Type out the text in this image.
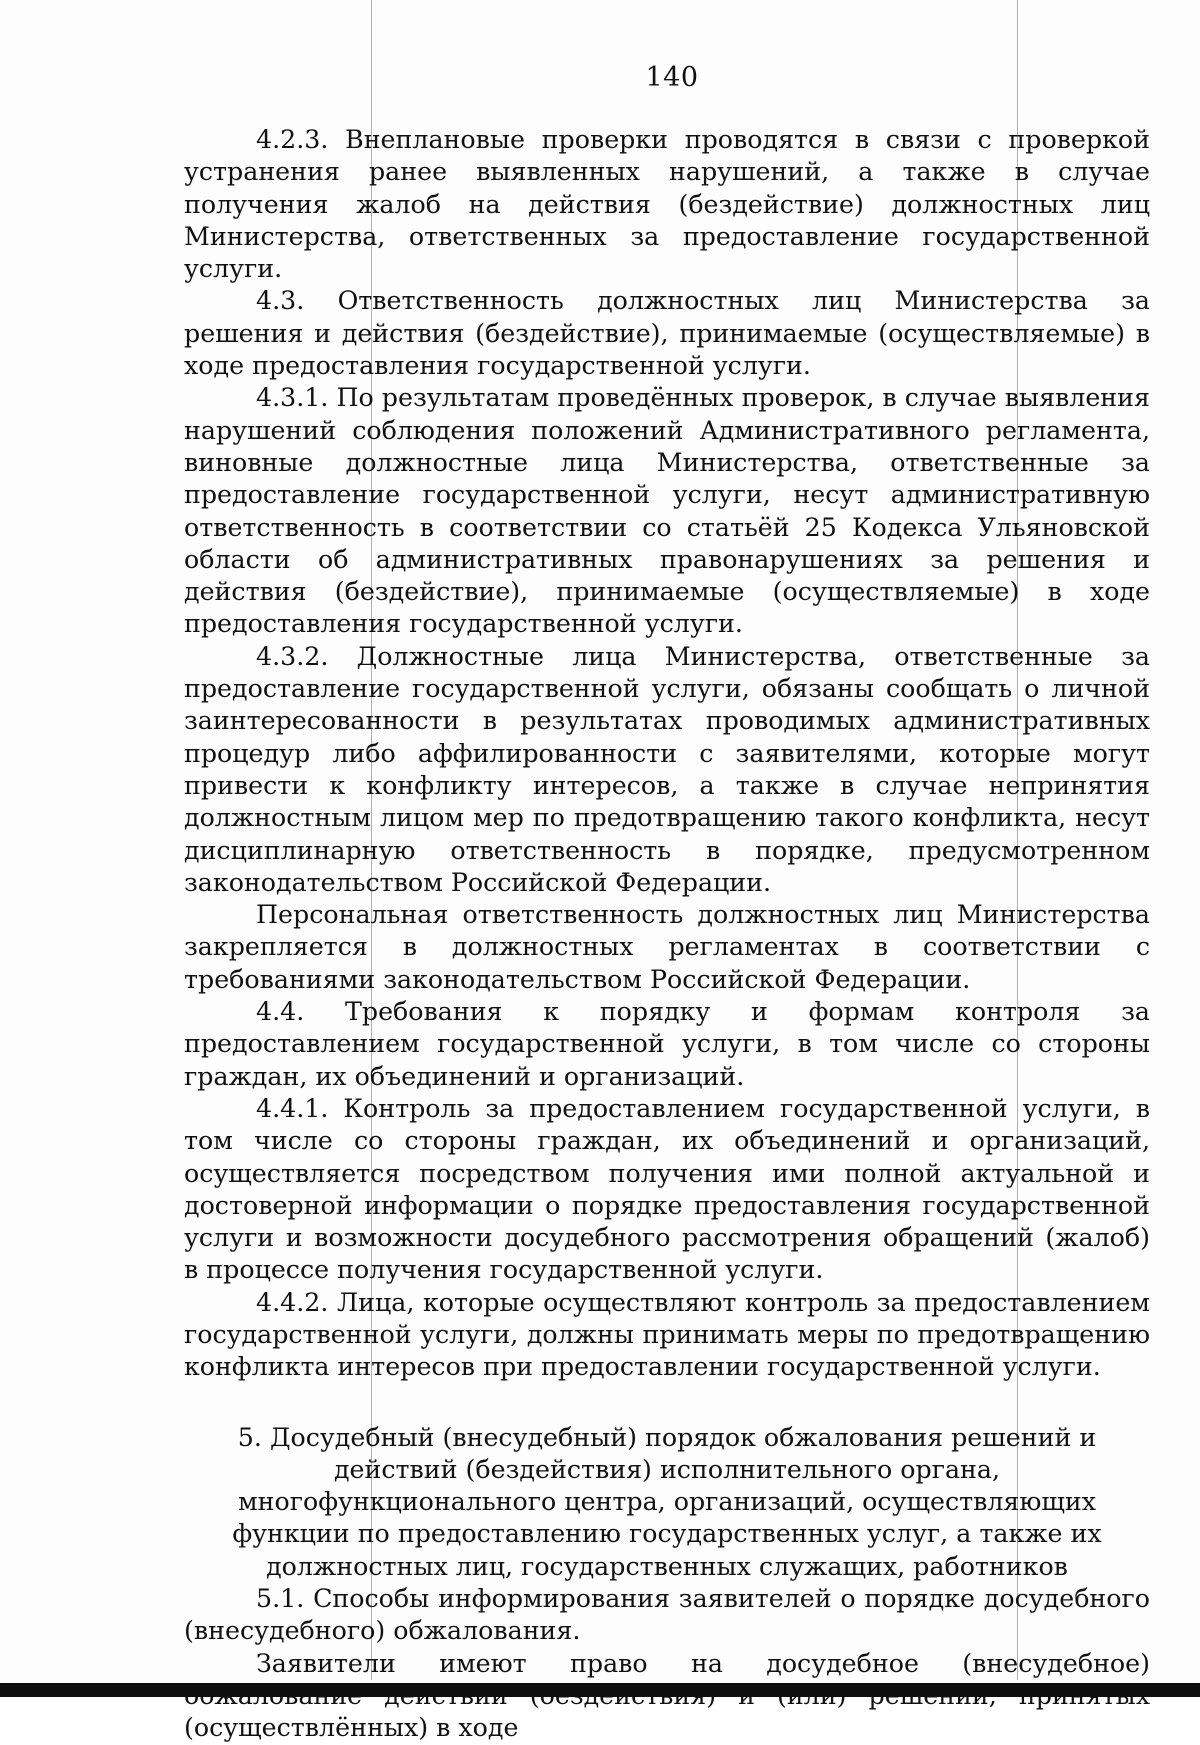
140

4.2.3. Внеплановые проверки проводятся в связи с проверкой устранения ранее выявленных нарушений, а также в случае получения жалоб на действия (бездействие) должностных лиц Министерства, ответственных за предоставление государственной услуги.

4.3. Ответственность должностных лиц Министерства за решения и действия (бездействие), принимаемые (осуществляемые) в ходе предоставления государственной услуги.

4.3.1. По результатам проведённых проверок, в случае выявления нарушений соблюдения положений Административного регламента, виновные должностные лица Министерства, ответственные за предоставление государственной услуги, несут административную ответственность в соответствии со статьёй 25 Кодекса Ульяновской области об административных правонарушениях за решения и действия (бездействие), принимаемые (осуществляемые) в ходе предоставления государственной услуги.

4.3.2. Должностные лица Министерства, ответственные за предоставление государственной услуги, обязаны сообщать о личной заинтересованности в результатах проводимых административных процедур либо аффилированности с заявителями, которые могут привести к конфликту интересов, а также в случае непринятия должностным лицом мер по предотвращению такого конфликта, несут дисциплинарную ответственность в порядке, предусмотренном законодательством Российской Федерации.

Персональная ответственность должностных лиц Министерства закрепляется в должностных регламентах в соответствии с требованиями законодательством Российской Федерации.

4.4. Требования к порядку и формам контроля за предоставлением государственной услуги, в том числе со стороны граждан, их объединений и организаций.

4.4.1. Контроль за предоставлением государственной услуги, в том числе со стороны граждан, их объединений и организаций, осуществляется посредством получения ими полной актуальной и достоверной информации о порядке предоставления государственной услуги и возможности досудебного рассмотрения обращений (жалоб) в процессе получения государственной услуги.

4.4.2. Лица, которые осуществляют контроль за предоставлением государственной услуги, должны принимать меры по предотвращению конфликта интересов при предоставлении государственной услуги.

5. Досудебный (внесудебный) порядок обжалования решений и действий (бездействия) исполнительного органа, многофункционального центра, организаций, осуществляющих функции по предоставлению государственных услуг, а также их должностных лиц, государственных служащих, работников

5.1. Способы информирования заявителей о порядке досудебного (внесудебного) обжалования.

Заявители имеют право на досудебное (внесудебное) (осуществлённых) в ходе
